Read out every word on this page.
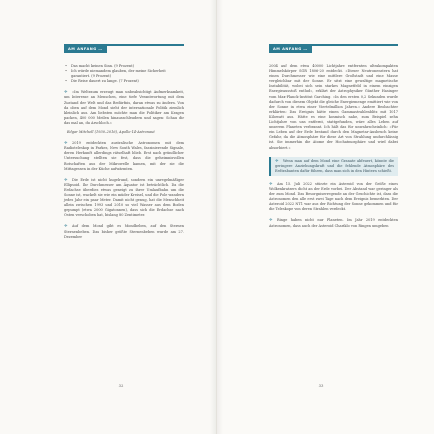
AM ANFANG …
• Das macht keinen Sinn. (9 Prozent)
• Ich würde niemandem glauben, der meine Sicherheit garantiert. (9 Prozent)
• Die Reise dauert zu lange. (7 Prozent)

✈ »Im Weltraum erzeugt man unbeabsichtigt Aufmerksamkeit, um Interesse an Menschen, eine tiefe Verantwortung mit dem Zustand der Welt und das Bedürfnis, daran etwas zu ändern. Von da oben auf dem Mond sieht der internationale Politik ziemlich kleinlich aus. Am liebsten möchte man die Politiker am Kragen packen, 400 000 Meilen hinausschleudern und sagen: Schau dir das mal an, du Arschloch.«

Edgar Mitchell (1930–2016), Apollo-14-Astronaut

✈ 2019 entdeckten australische Astronomen mit dem Radioteleskop in Parkes, New South Wales, faszinierende Signale, deren Herkunft allerdings rätselhaft blieb. Erst nach gründlicher Untersuchung stellten sie fest, dass die geheimnisvollen Botschaften aus der Mikrowelle kamen, mit der sie die Mittagessen in der Küche aufwärmten.

✈ Die Erde ist nicht kugelrund, sondern ein unregelmäßiger Ellipsoid. Ihr Durchmesser am Äquator ist beträchtlich. Da die Erdachse überdies etwas geneigt zu ihrer Umlaufbahn um die Sonne ist, wackelt sie wie ein müder Kreisel, und die Pole wandern jedes Jahr ein paar Meter. Damit nicht genug, hat die Menschheit allein zwischen 1993 und 2010 so viel Wasser aus dem Boden gepumpt (etwa 2000 Gigatonnen), dass sich die Erdachse nach Osten verschoben hat, bislang 80 Zentimeter.

✈ Auf dem Mond gibt es Mondbeben, auf den Sternen Sternenbeben. Das bisher größte Sternenbeben wurde am 27. Dezember

32
AM ANFANG …

2004 auf dem etwa 40000 Lichtjahre entfernten ultrakompakten Himmelskörper SGR 1806-20 entdeckt. »Dieser Neutronenstern hat einen Durchmesser wie eine mittlere Großstadt und eine Masse vergleichbar mit der Sonne. Er sitzt eine gewaltige magnetische Instabilität, wobei sich sein starkes Magnetfeld in einem einzigen Energieausstoß entlud«, erklärt der Astrophysiker Günther Hasinger vom Max-Planck-Institut Garching. »In den ersten 0,2 Sekunden wurde dadurch von diesem Objekt die gleiche Energiemenge emittiert wie von der Sonne in etwa einer Viertelmillion Jahren.« Andere Beobachter erklärten: Das Ereignis hätte einen Gammastrahlenblitz mit 1017 Kilowatt aus. Hätte es eine kosmisch nahe, zum Beispiel zehn Lichtjahre von uns entfernt, stattgefunden, wäre alles Leben auf unserem Planeten verbrannt. Ich hält das für unwahrscheinlich: »Für ein Leben auf der Erde bestand durch den Magnetar-Ausbruch keine Gefahr, da die Atmosphäre für diese Art von Strahlung undurchlässig ist. Sie immerhin die Atome der Hochatmosphäre und wird dabei absorbiert.«

✈ Wenn man auf dem Mond eine Granate abfeuert, könnte die geringere Anziehungskraft und die fehlende Atmosphäre des Erdtrabanten dafür führen, dass man sich in den Hintern schießt.

✈ Am 15. Juli 2022 stürzte ein Asteroid von der Größe eines Wolkenkratzers dicht an der Erde vorbei. Der Abstand war geringer als der zum Mond. Das Besorgniserregende an der Geschichte ist, dass die Astronomen den alle erst zwei Tage nach dem Ereignis bemerkten. Der Asteroid 2022 NT1 war aus der Richtung der Sonne gekommen und für die Teleskope von deren Strahlen verdeckt.

✈ Ringe haben nicht nur Planeten. Im Jahr 2019 entdeckten Astronomen, dass auch der Asteroid Chariklo von Ringen umgeben

33
